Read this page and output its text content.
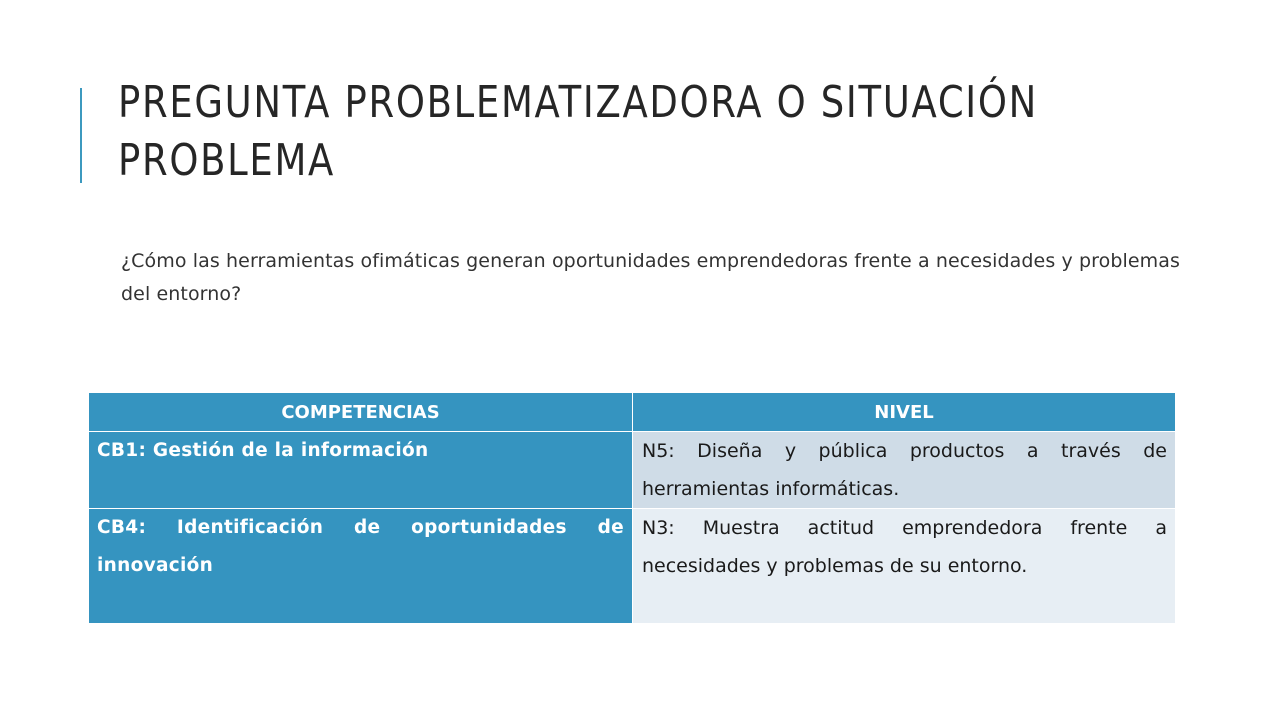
PREGUNTA PROBLEMATIZADORA O SITUACIÓN PROBLEMA

¿Cómo las herramientas ofimáticas generan oportunidades emprendedoras frente a necesidades y problemas del entorno?

COMPETENCIAS	NIVEL
CB1: Gestión de la información	N5: Diseña y pública productos a través de herramientas informáticas.
CB4: Identificación de oportunidades de innovación	N3: Muestra actitud emprendedora frente a necesidades y problemas de su entorno.
